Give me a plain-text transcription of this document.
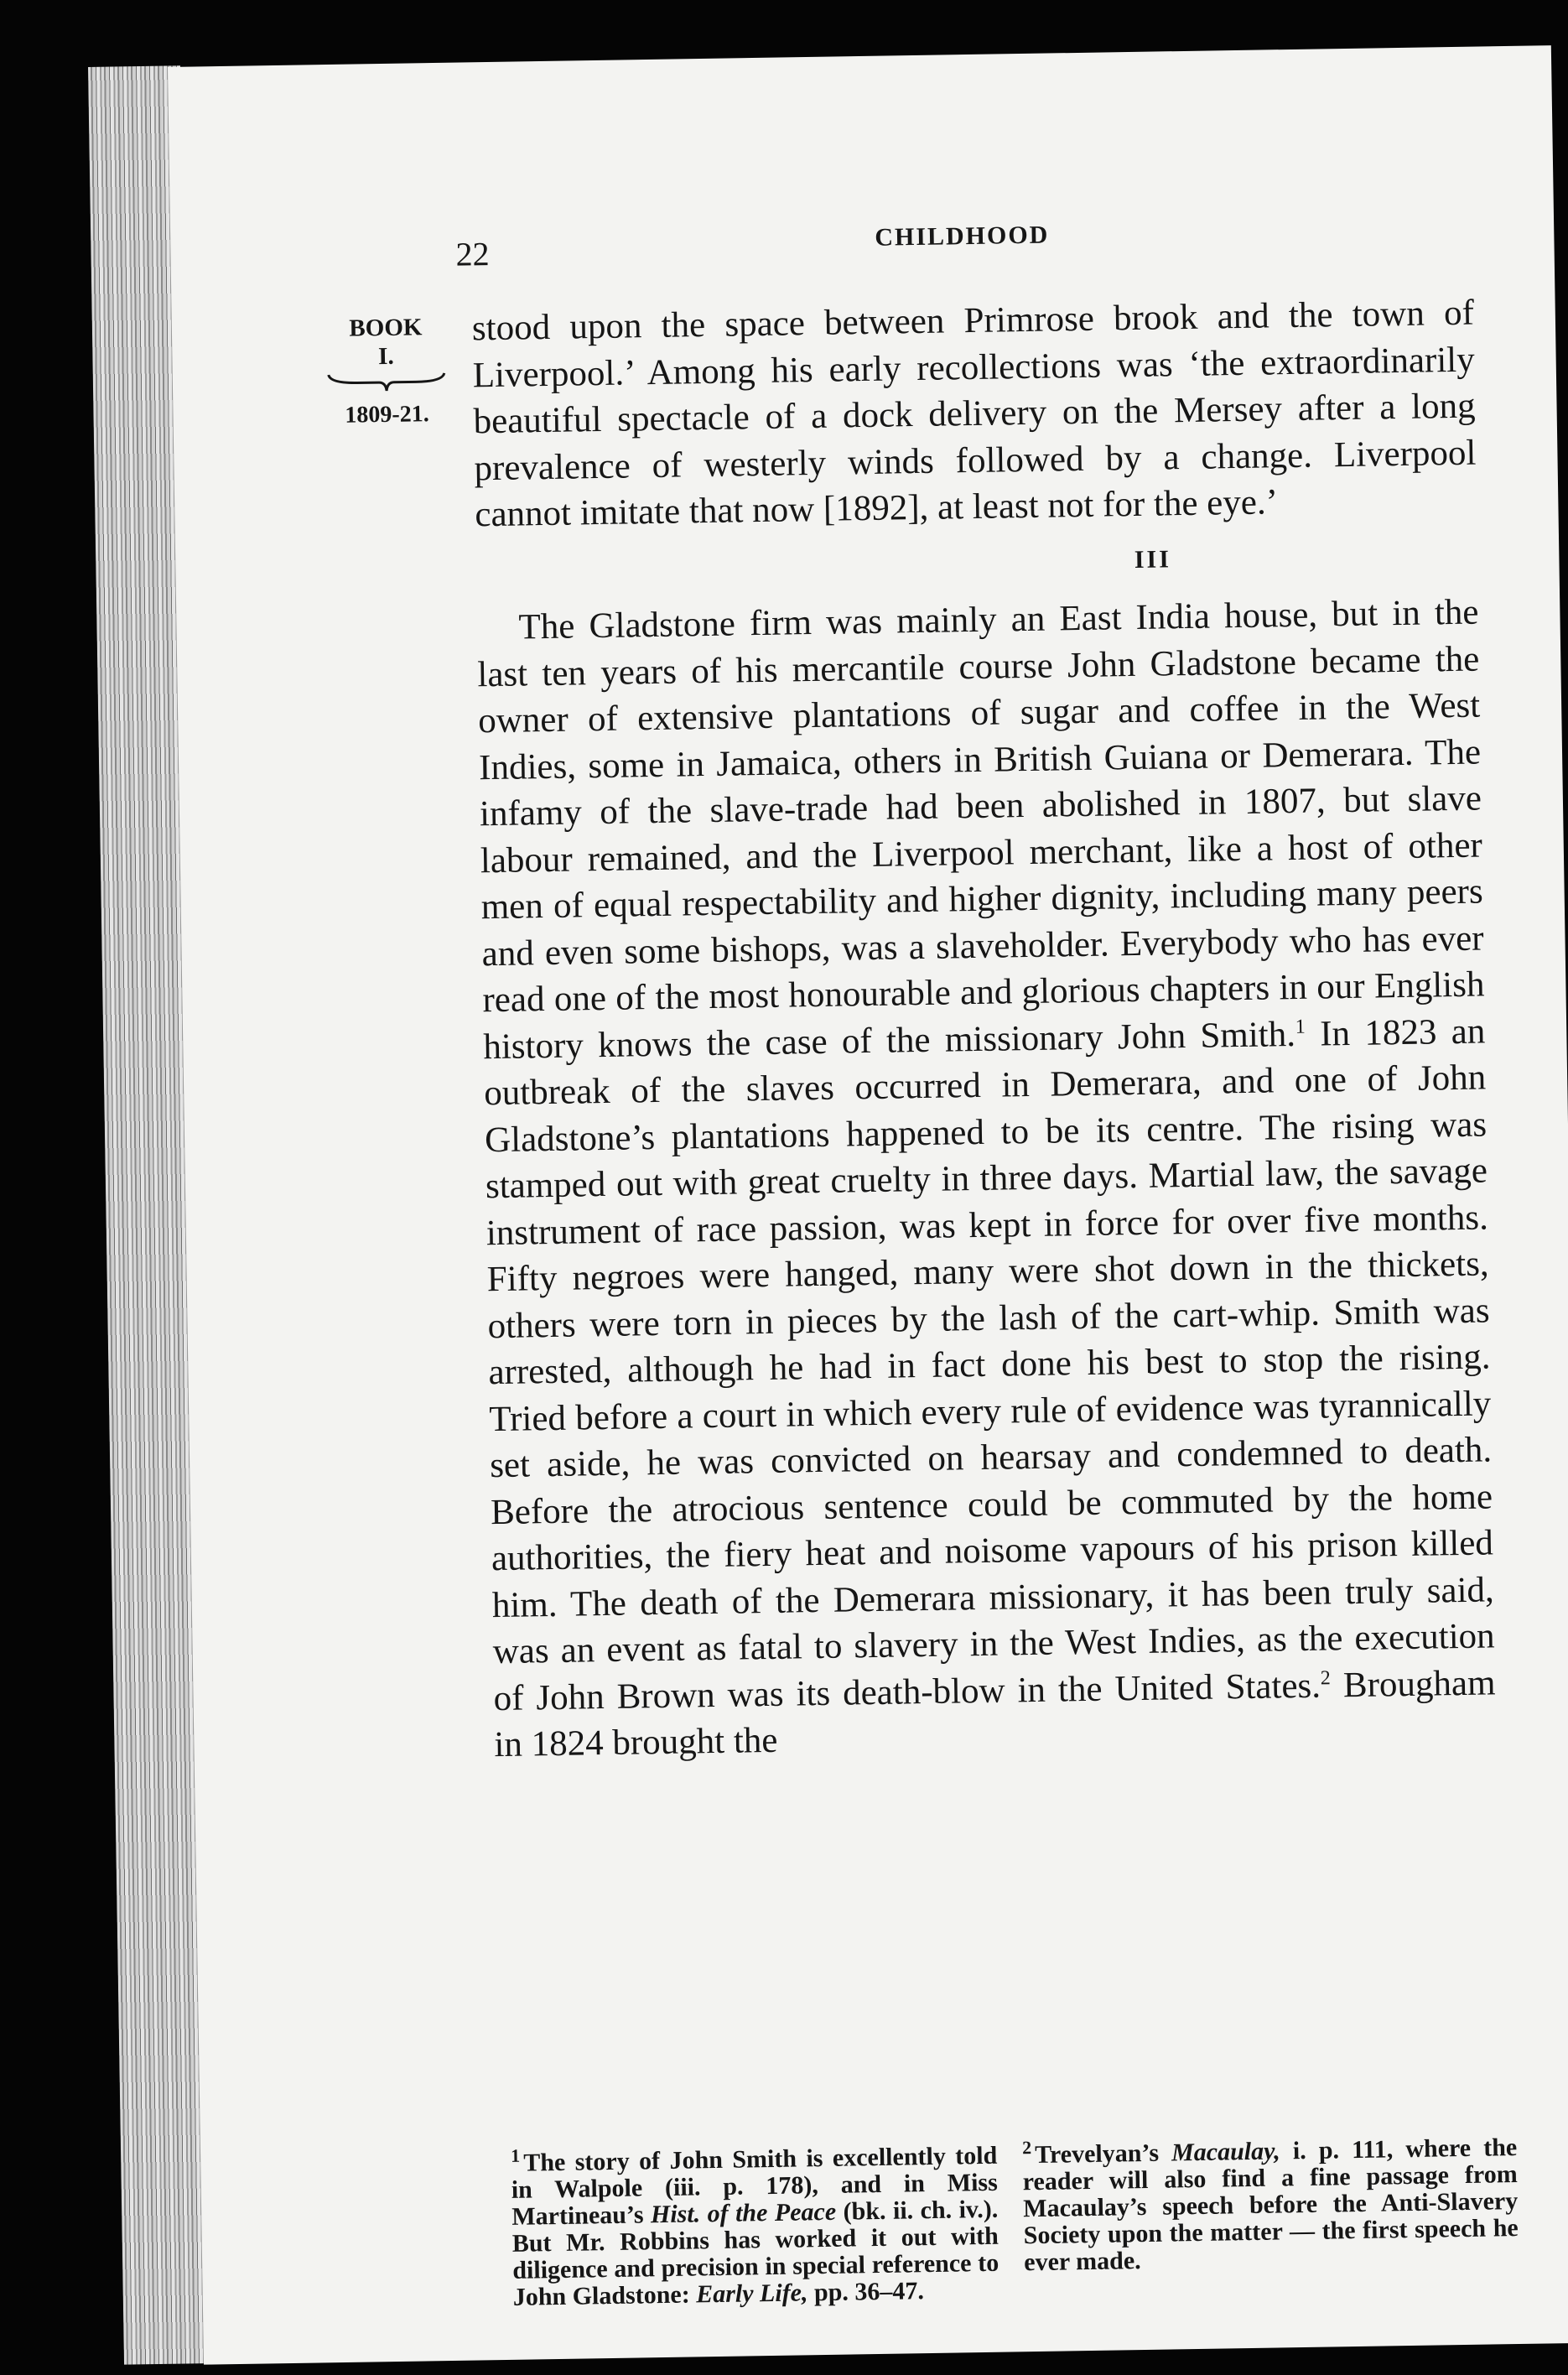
22	CHILDHOOD
BOOK
I.
1809-21.

stood upon the space between Primrose brook and the town of Liverpool.’ Among his early recollections was ‘the extraordinarily beautiful spectacle of a dock delivery on the Mersey after a long prevalence of westerly winds followed by a change. Liverpool cannot imitate that now [1892], at least not for the eye.’

III

The Gladstone firm was mainly an East India house, but in the last ten years of his mercantile course John Gladstone became the owner of extensive plantations of sugar and coffee in the West Indies, some in Jamaica, others in British Guiana or Demerara. The infamy of the slave-trade had been abolished in 1807, but slave labour remained, and the Liverpool merchant, like a host of other men of equal respectability and higher dignity, including many peers and even some bishops, was a slaveholder. Everybody who has ever read one of the most honourable and glorious chapters in our English history knows the case of the missionary John Smith.$^1$ In 1823 an outbreak of the slaves occurred in Demerara, and one of John Gladstone’s plantations happened to be its centre. The rising was stamped out with great cruelty in three days. Martial law, the savage instrument of race passion, was kept in force for over five months. Fifty negroes were hanged, many were shot down in the thickets, others were torn in pieces by the lash of the cart-whip. Smith was arrested, although he had in fact done his best to stop the rising. Tried before a court in which every rule of evidence was tyrannically set aside, he was convicted on hearsay and condemned to death. Before the atrocious sentence could be commuted by the home authorities, the fiery heat and noisome vapours of his prison killed him. The death of the Demerara missionary, it has been truly said, was an event as fatal to slavery in the West Indies, as the execution of John Brown was its death-blow in the United States.$^2$ Brougham in 1824 brought the

$^1$ The story of John Smith is excellently told in Walpole (iii. p. 178), and in Miss Martineau’s Hist. of the Peace (bk. ii. ch. iv.). But Mr. Robbins has worked it out with diligence and precision in special reference to John Gladstone: Early Life, pp. 36–47.
$^2$ Trevelyan’s Macaulay, i. p. 111, where the reader will also find a fine passage from Macaulay’s speech before the Anti-Slavery Society upon the matter — the first speech he ever made.
